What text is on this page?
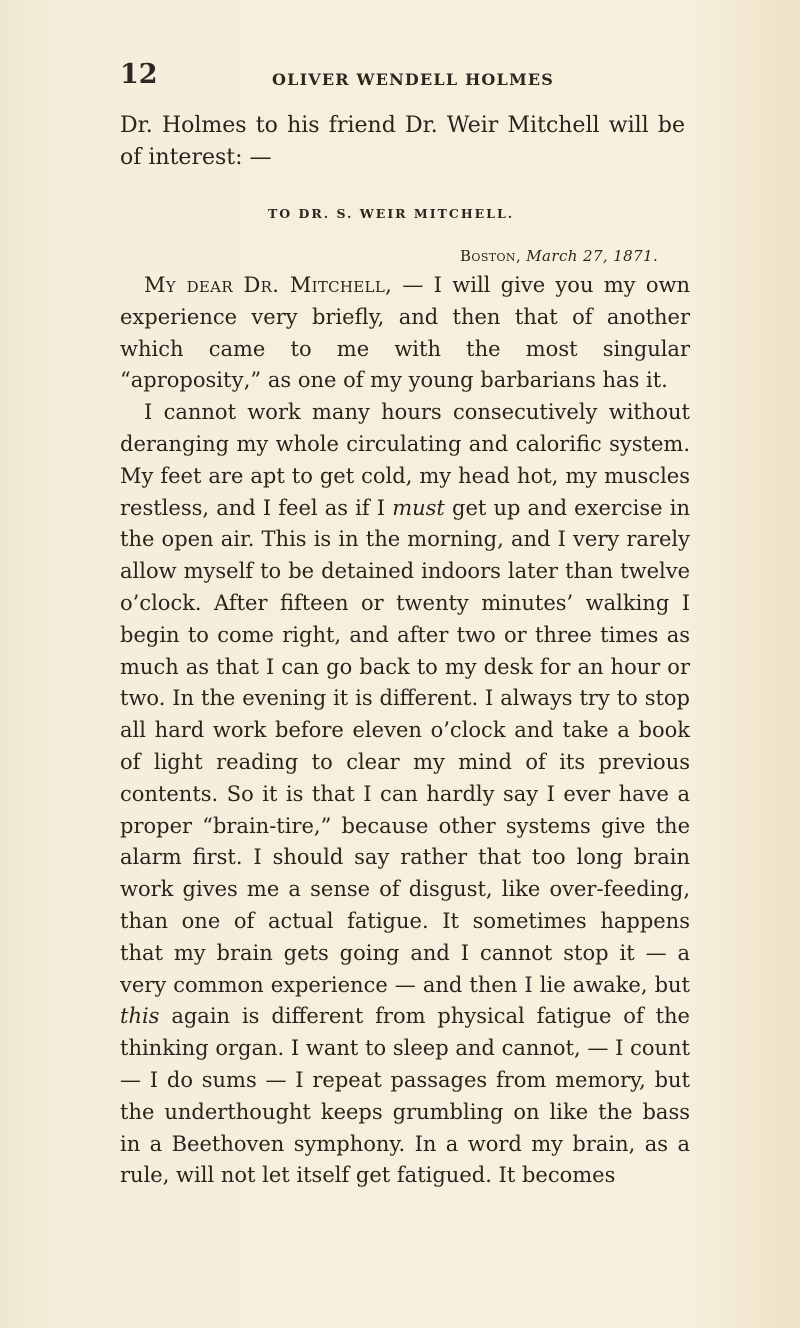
12	OLIVER WENDELL HOLMES
Dr. Holmes to his friend Dr. Weir Mitchell will be of interest: —
TO DR. S. WEIR MITCHELL.
Boston, March 27, 1871.

My dear Dr. Mitchell, — I will give you my own experience very briefly, and then that of another which came to me with the most singular “apropositу,” as one of my young barbarians has it.

I cannot work many hours consecutively without deranging my whole circulating and calorific system. My feet are apt to get cold, my head hot, my muscles restless, and I feel as if I must get up and exercise in the open air. This is in the morning, and I very rarely allow myself to be detained indoors later than twelve o’clock. After fifteen or twenty minutes’ walking I begin to come right, and after two or three times as much as that I can go back to my desk for an hour or two. In the evening it is different. I always try to stop all hard work before eleven o’clock and take a book of light reading to clear my mind of its previous contents. So it is that I can hardly say I ever have a proper “brain-tire,” because other systems give the alarm first. I should say rather that too long brain work gives me a sense of disgust, like over-feeding, than one of actual fatigue. It sometimes happens that my brain gets going and I cannot stop it — a very common experience — and then I lie awake, but this again is different from physical fatigue of the thinking organ. I want to sleep and cannot, — I count — I do sums — I repeat passages from memory, but the underthought keeps grumbling on like the bass in a Beethoven symphony. In a word my brain, as a rule, will not let itself get fatigued. It becomes
